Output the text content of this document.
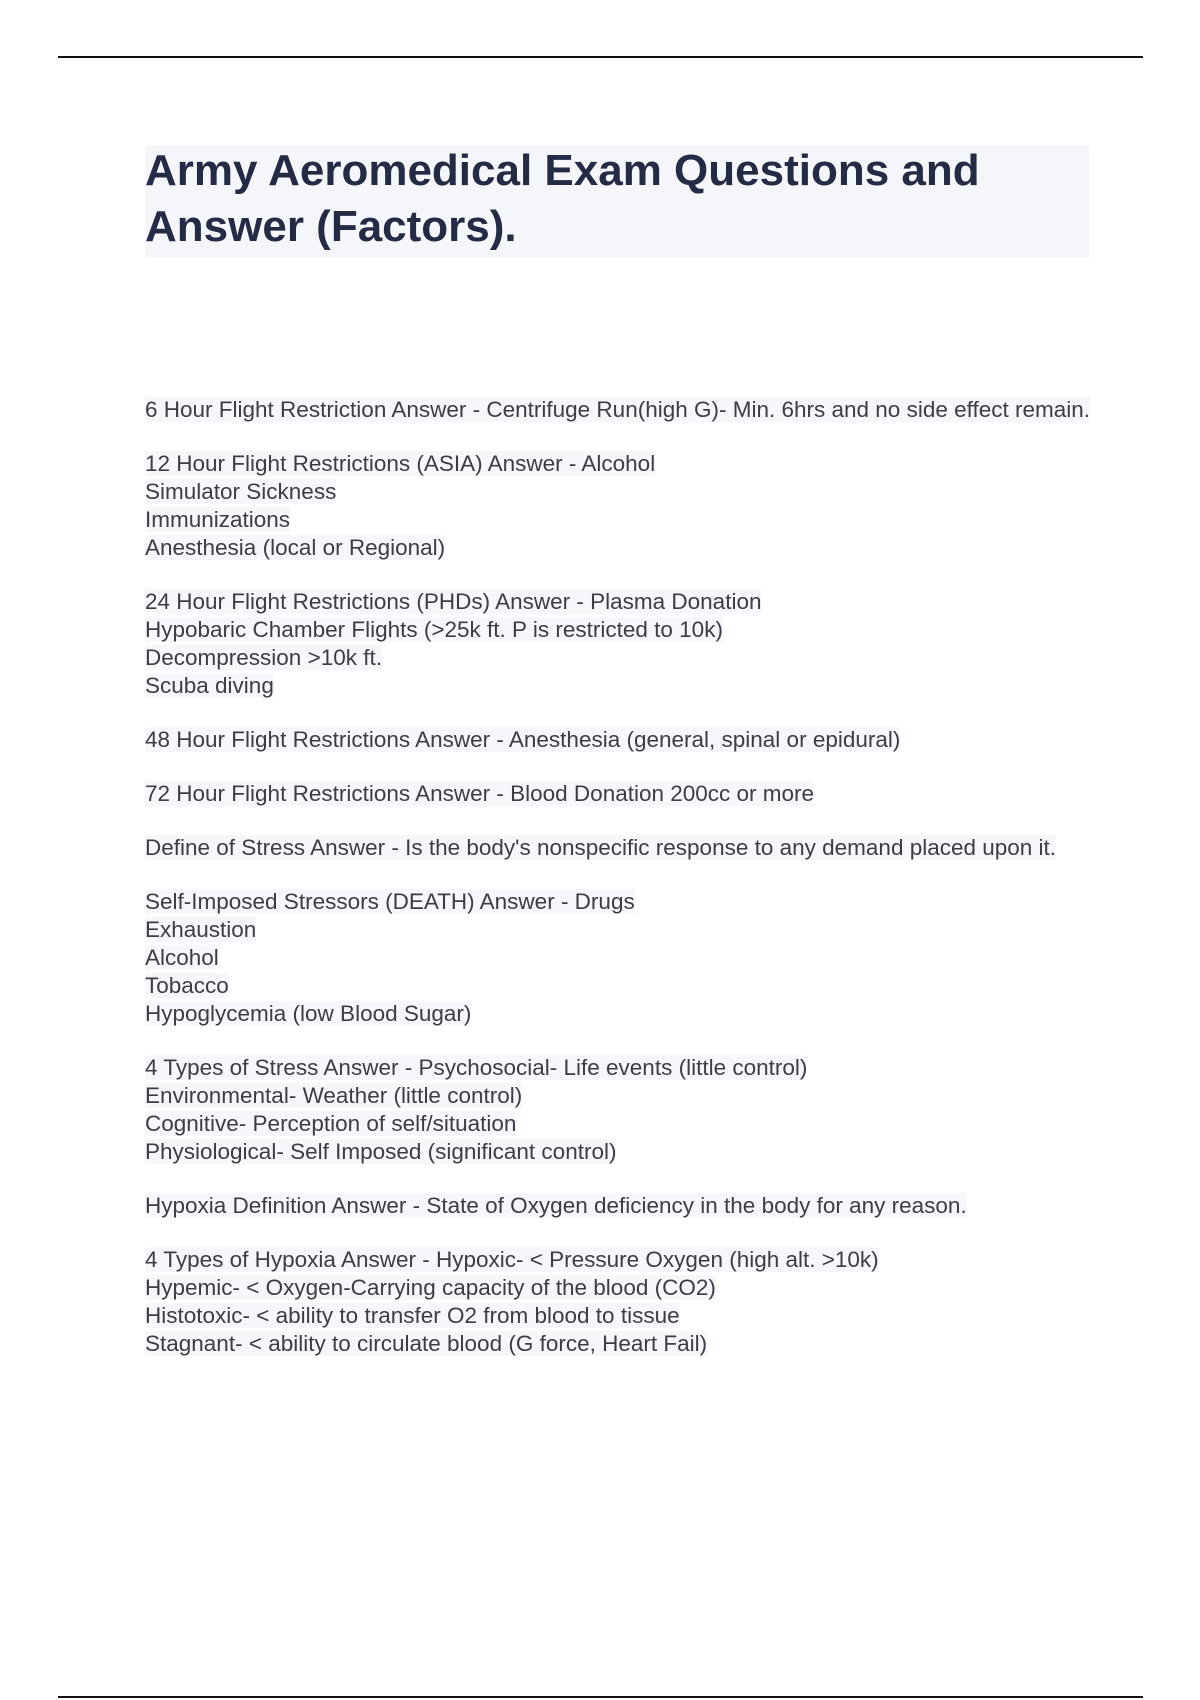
Army Aeromedical Exam Questions and Answer (Factors).
6 Hour Flight Restriction Answer - Centrifuge Run(high G)- Min. 6hrs and no side effect remain.
12 Hour Flight Restrictions (ASIA) Answer - Alcohol
Simulator Sickness
Immunizations
Anesthesia (local or Regional)
24 Hour Flight Restrictions (PHDs) Answer - Plasma Donation
Hypobaric Chamber Flights (>25k ft. P is restricted to 10k)
Decompression >10k ft.
Scuba diving
48 Hour Flight Restrictions Answer - Anesthesia (general, spinal or epidural)
72 Hour Flight Restrictions Answer - Blood Donation 200cc or more
Define of Stress Answer - Is the body's nonspecific response to any demand placed upon it.
Self-Imposed Stressors (DEATH) Answer - Drugs
Exhaustion
Alcohol
Tobacco
Hypoglycemia (low Blood Sugar)
4 Types of Stress Answer - Psychosocial- Life events (little control)
Environmental- Weather (little control)
Cognitive- Perception of self/situation
Physiological- Self Imposed (significant control)
Hypoxia Definition Answer - State of Oxygen deficiency in the body for any reason.
4 Types of Hypoxia Answer - Hypoxic- < Pressure Oxygen (high alt. >10k)
Hypemic- < Oxygen-Carrying capacity of the blood (CO2)
Histotoxic- < ability to transfer O2 from blood to tissue
Stagnant- < ability to circulate blood (G force, Heart Fail)
